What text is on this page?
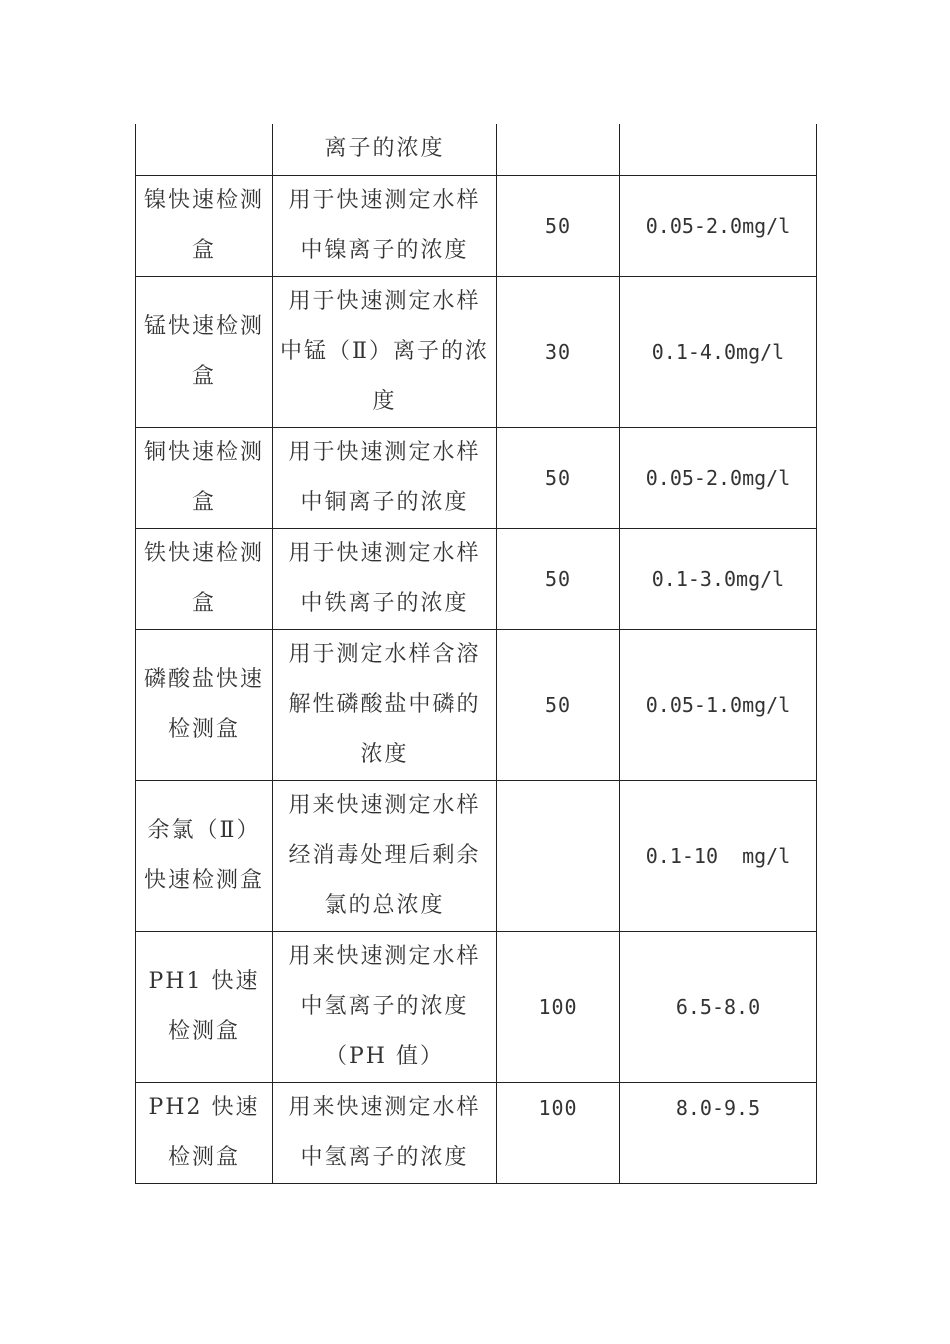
	离子的浓度		
镍快速检测盒	用于快速测定水样中镍离子的浓度	50	0.05-2.0mg/l
锰快速检测盒	用于快速测定水样中锰（Ⅱ）离子的浓度	30	0.1-4.0mg/l
铜快速检测盒	用于快速测定水样中铜离子的浓度	50	0.05-2.0mg/l
铁快速检测盒	用于快速测定水样中铁离子的浓度	50	0.1-3.0mg/l
磷酸盐快速检测盒	用于测定水样含溶解性磷酸盐中磷的浓度	50	0.05-1.0mg/l
余氯（Ⅱ）快速检测盒	用来快速测定水样经消毒处理后剩余氯的总浓度		0.1-10  mg/l
PH1 快速检测盒	用来快速测定水样中氢离子的浓度（PH 值）	100	6.5-8.0
PH2 快速检测盒	用来快速测定水样中氢离子的浓度	100	8.0-9.5
